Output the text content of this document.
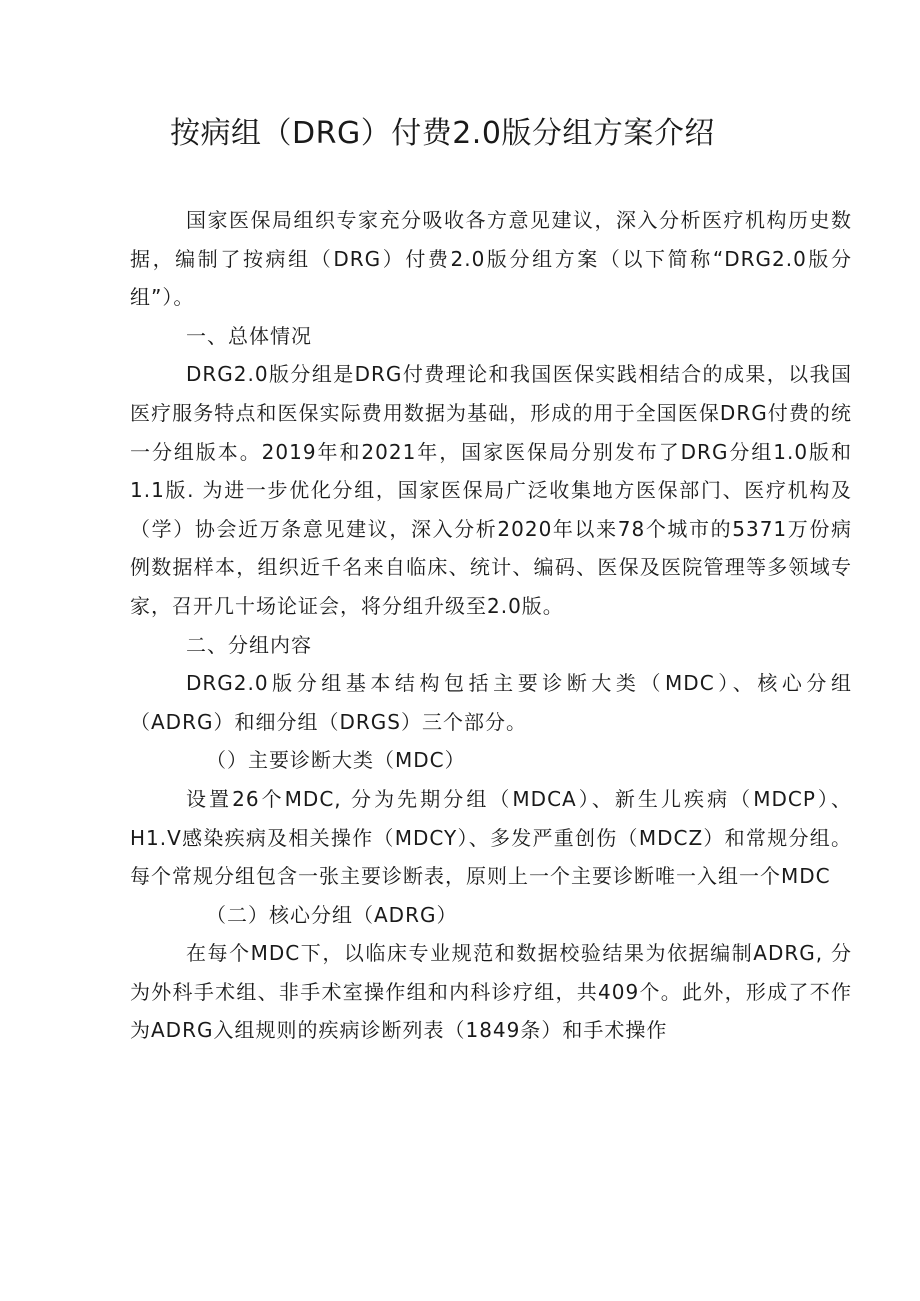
按病组（DRG）付费2.0版分组方案介绍

国家医保局组织专家充分吸收各方意见建议，深入分析医疗机构历史数据，编制了按病组（DRG）付费2.0版分组方案（以下简称“DRG2.0版分组”）。

一、总体情况

DRG2.0版分组是DRG付费理论和我国医保实践相结合的成果，以我国医疗服务特点和医保实际费用数据为基础，形成的用于全国医保DRG付费的统一分组版本。2019年和2021年，国家医保局分别发布了DRG分组1.0版和1.1版. 为进一步优化分组，国家医保局广泛收集地方医保部门、医疗机构及（学）协会近万条意见建议，深入分析2020年以来78个城市的5371万份病例数据样本，组织近千名来自临床、统计、编码、医保及医院管理等多领域专家，召开几十场论证会，将分组升级至2.0版。

二、分组内容

DRG2.0版分组基本结构包括主要诊断大类（MDC）、核心分组（ADRG）和细分组（DRGS）三个部分。

（）主要诊断大类（MDC）

设置26个MDC, 分为先期分组（MDCA）、新生儿疾病（MDCP）、H1.V感染疾病及相关操作（MDCY）、多发严重创伤（MDCZ）和常规分组。每个常规分组包含一张主要诊断表，原则上一个主要诊断唯一入组一个MDC

（二）核心分组（ADRG）

在每个MDC下，以临床专业规范和数据校验结果为依据编制ADRG, 分为外科手术组、非手术室操作组和内科诊疗组，共409个。此外，形成了不作为ADRG入组规则的疾病诊断列表（1849条）和手术操作
